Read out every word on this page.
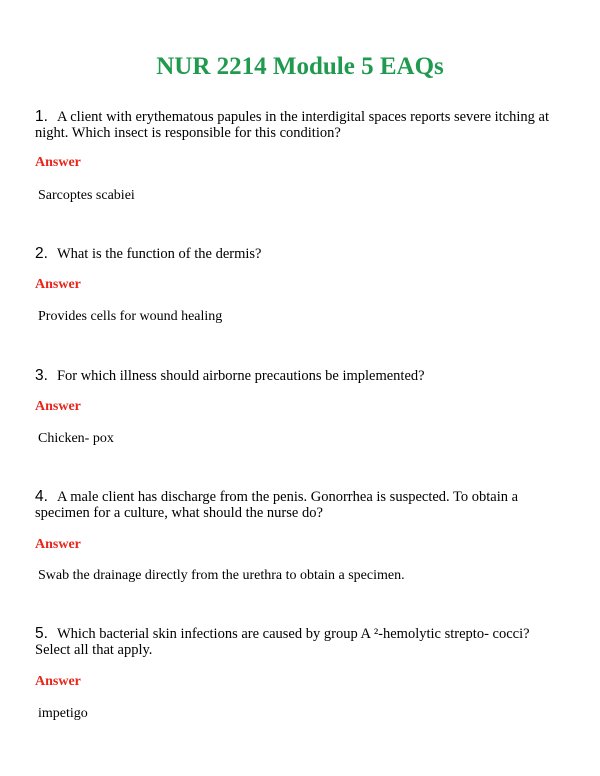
NUR 2214 Module 5 EAQs
1. A client with erythematous papules in the interdigital spaces reports severe itching at night. Which insect is responsible for this condition?
Answer
Sarcoptes scabiei
2. What is the function of the dermis?
Answer
Provides cells for wound healing
3. For which illness should airborne precautions be implemented?
Answer
Chicken- pox
4. A male client has discharge from the penis. Gonorrhea is suspected. To obtain a specimen for a culture, what should the nurse do?
Answer
Swab the drainage directly from the urethra to obtain a specimen.
5. Which bacterial skin infections are caused by group A ²-hemolytic strepto- cocci? Select all that apply.
Answer
impetigo
